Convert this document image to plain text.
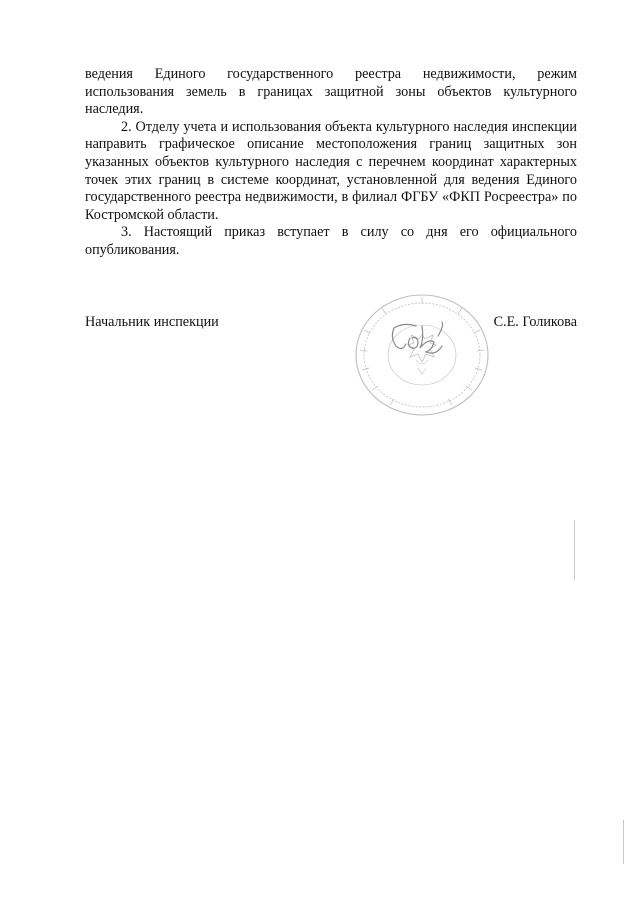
ведения Единого государственного реестра недвижимости, режим использования земель в границах защитной зоны объектов культурного наследия.

2. Отделу учета и использования объекта культурного наследия инспекции направить графическое описание местоположения границ защитных зон указанных объектов культурного наследия с перечнем координат характерных точек этих границ в системе координат, установленной для ведения Единого государственного реестра недвижимости, в филиал ФГБУ «ФКП Росреестра» по Костромской области.

3. Настоящий приказ вступает в силу со дня его официального опубликования.

Начальник инспекции	С.Е. Голикова
